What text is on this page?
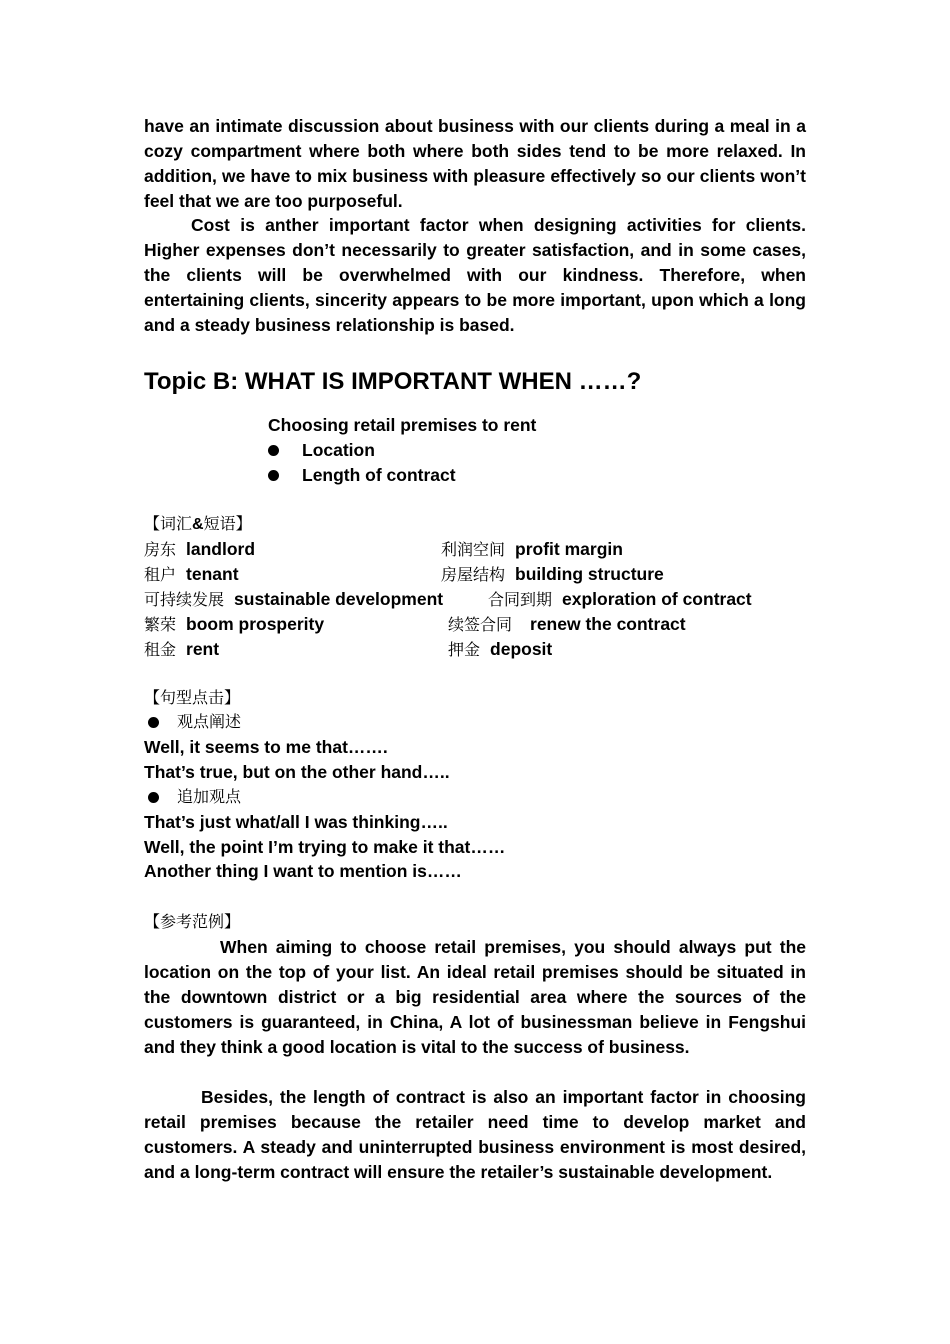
have an intimate discussion about business with our clients during a meal in a cozy compartment where both where both sides tend to be more relaxed. In addition, we have to mix business with pleasure effectively so our clients won’t feel that we are too purposeful.

Cost is anther important factor when designing activities for clients. Higher expenses don’t necessarily to greater satisfaction, and in some cases, the clients will be overwhelmed with our kindness. Therefore, when entertaining clients, sincerity appears to be more important, upon which a long and a steady business relationship is based.

Topic B: WHAT IS IMPORTANT WHEN ……?
Choosing retail premises to rent
Location
Length of contract
【词汇&短语】
房东 landlord	利润空间 profit margin
租户 tenant	房屋结构 building structure
可持续发展 sustainable development	合同到期 exploration of contract
繁荣 boom prosperity	续签合同 renew the contract
租金 rent	押金 deposit
【句型点击】
观点阐述
Well, it seems to me that…….
That’s true, but on the other hand…..
追加观点
That’s just what/all I was thinking…..
Well, the point I’m trying to make it that……
Another thing I want to mention is……
【参考范例】

When aiming to choose retail premises, you should always put the location on the top of your list. An ideal retail premises should be situated in the downtown district or a big residential area where the sources of the customers is guaranteed, in China, A lot of businessman believe in Fengshui and they think a good location is vital to the success of business.

Besides, the length of contract is also an important factor in choosing retail premises because the retailer need time to develop market and customers. A steady and uninterrupted business environment is most desired, and a long-term contract will ensure the retailer’s sustainable development.
